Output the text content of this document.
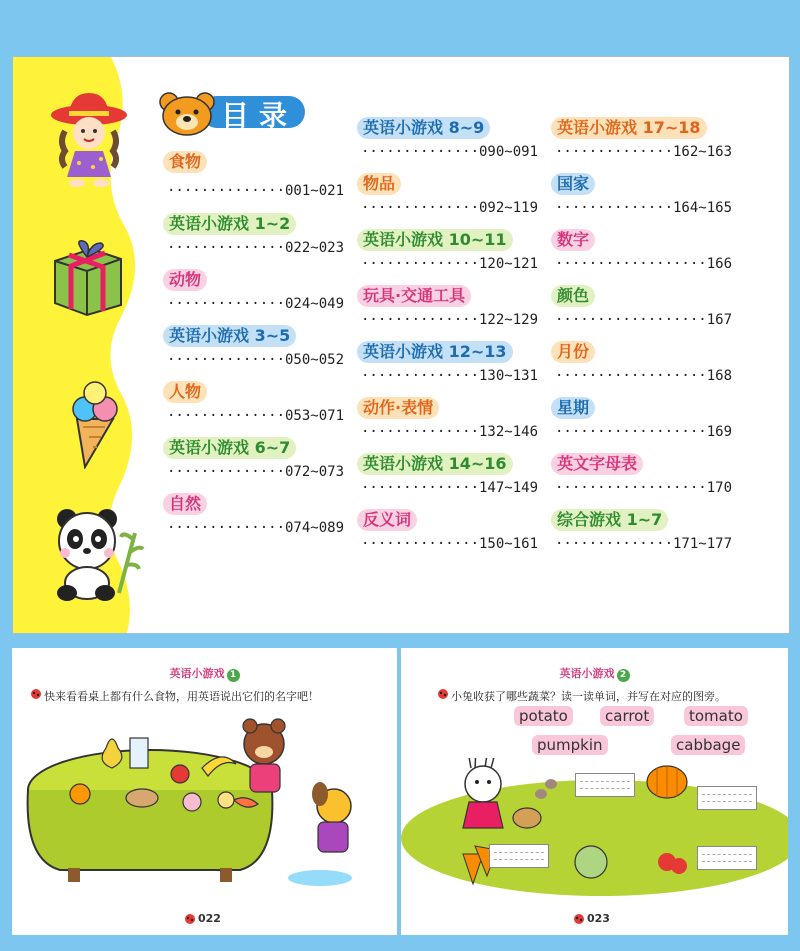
目录
食物
··············001~021
英语小游戏 1~2
··············022~023
动物
··············024~049
英语小游戏 3~5
··············050~052
人物
··············053~071
英语小游戏 6~7
··············072~073
自然
··············074~089
英语小游戏 8~9
··············090~091
物品
··············092~119
英语小游戏 10~11
··············120~121
玩具·交通工具
··············122~129
英语小游戏 12~13
··············130~131
动作·表情
··············132~146
英语小游戏 14~16
··············147~149
反义词
··············150~161
英语小游戏 17~18
··············162~163
国家
··············164~165
数字
··················166
颜色
··················167
月份
··················168
星期
··················169
英文字母表
··················170
综合游戏 1~7
··············171~177
英语小游戏 1
快来看看桌上都有什么食物，用英语说出它们的名字吧！
022
英语小游戏 2
小兔收获了哪些蔬菜？读一读单词，并写在对应的图旁。
potato	carrot	tomato
pumpkin	cabbage
023
